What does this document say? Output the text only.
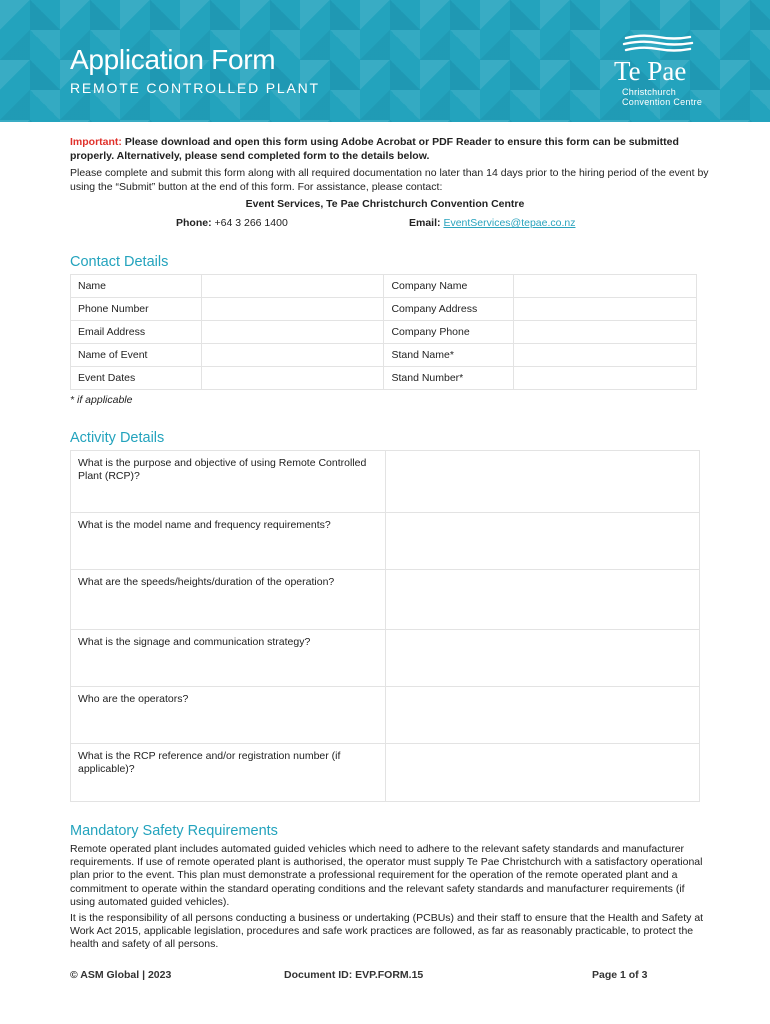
Application Form
REMOTE CONTROLLED PLANT
Te Pae
Christchurch
Convention Centre
Important: Please download and open this form using Adobe Acrobat or PDF Reader to ensure this form can be submitted properly. Alternatively, please send completed form to the details below.
Please complete and submit this form along with all required documentation no later than 14 days prior to the hiring period of the event by using the “Submit” button at the end of this form. For assistance, please contact:
Event Services, Te Pae Christchurch Convention Centre
Phone: +64 3 266 1400	Email: EventServices@tepae.co.nz
Contact Details
Name		Company Name	
Phone Number		Company Address	
Email Address		Company Phone	
Name of Event		Stand Name*	
Event Dates		Stand Number*	
* if applicable
Activity Details
What is the purpose and objective of using Remote Controlled Plant (RCP)?	
What is the model name and frequency requirements?	
What are the speeds/heights/duration of the operation?	
What is the signage and communication strategy?	
Who are the operators?	
What is the RCP reference and/or registration number (if applicable)?	
Mandatory Safety Requirements
Remote operated plant includes automated guided vehicles which need to adhere to the relevant safety standards and manufacturer requirements. If use of remote operated plant is authorised, the operator must supply Te Pae Christchurch with a satisfactory operational plan prior to the event. This plan must demonstrate a professional requirement for the operation of the remote operated plant and a commitment to operate within the standard operating conditions and the relevant safety standards and manufacturer requirements (if using automated guided vehicles).
It is the responsibility of all persons conducting a business or undertaking (PCBUs) and their staff to ensure that the Health and Safety at Work Act 2015, applicable legislation, procedures and safe work practices are followed, as far as reasonably practicable, to protect the health and safety of all persons.
© ASM Global | 2023	Document ID: EVP.FORM.15	Page 1 of 3
